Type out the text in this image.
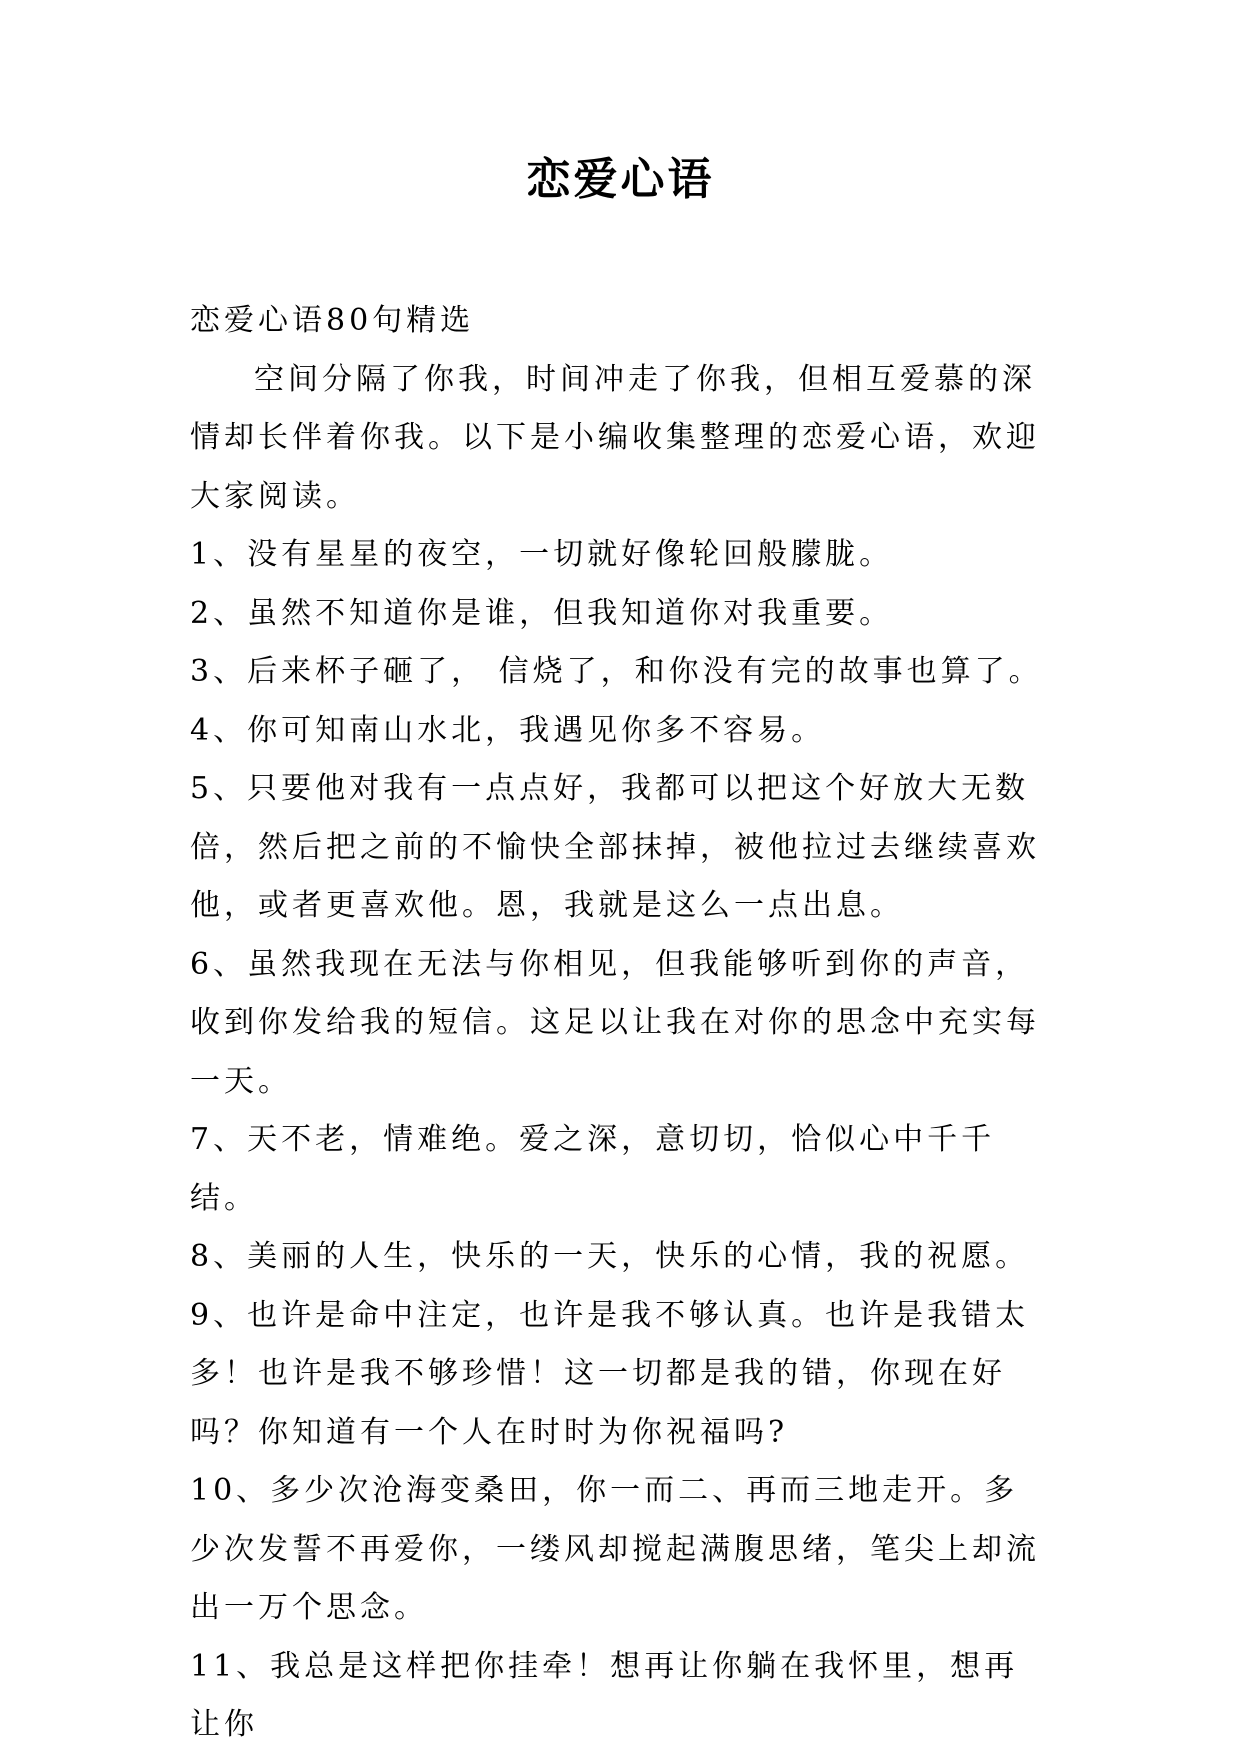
恋爱心语

恋爱心语80句精选

空间分隔了你我，时间冲走了你我，但相互爱慕的深情却长伴着你我。以下是小编收集整理的恋爱心语，欢迎大家阅读。

1、没有星星的夜空，一切就好像轮回般朦胧。

2、虽然不知道你是谁，但我知道你对我重要。

3、后来杯子砸了， 信烧了，和你没有完的故事也算了。

4、你可知南山水北，我遇见你多不容易。

5、只要他对我有一点点好，我都可以把这个好放大无数倍，然后把之前的不愉快全部抹掉，被他拉过去继续喜欢他，或者更喜欢他。恩，我就是这么一点出息。

6、虽然我现在无法与你相见，但我能够听到你的声音，收到你发给我的短信。这足以让我在对你的思念中充实每一天。

7、天不老，情难绝。爱之深，意切切，恰似心中千千结。

8、美丽的人生，快乐的一天，快乐的心情，我的祝愿。

9、也许是命中注定，也许是我不够认真。也许是我错太多！也许是我不够珍惜！这一切都是我的错，你现在好吗？你知道有一个人在时时为你祝福吗?

10、多少次沧海变桑田，你一而二、再而三地走开。多少次发誓不再爱你，一缕风却搅起满腹思绪，笔尖上却流出一万个思念。

11、我总是这样把你挂牵！想再让你躺在我怀里，想再让你
